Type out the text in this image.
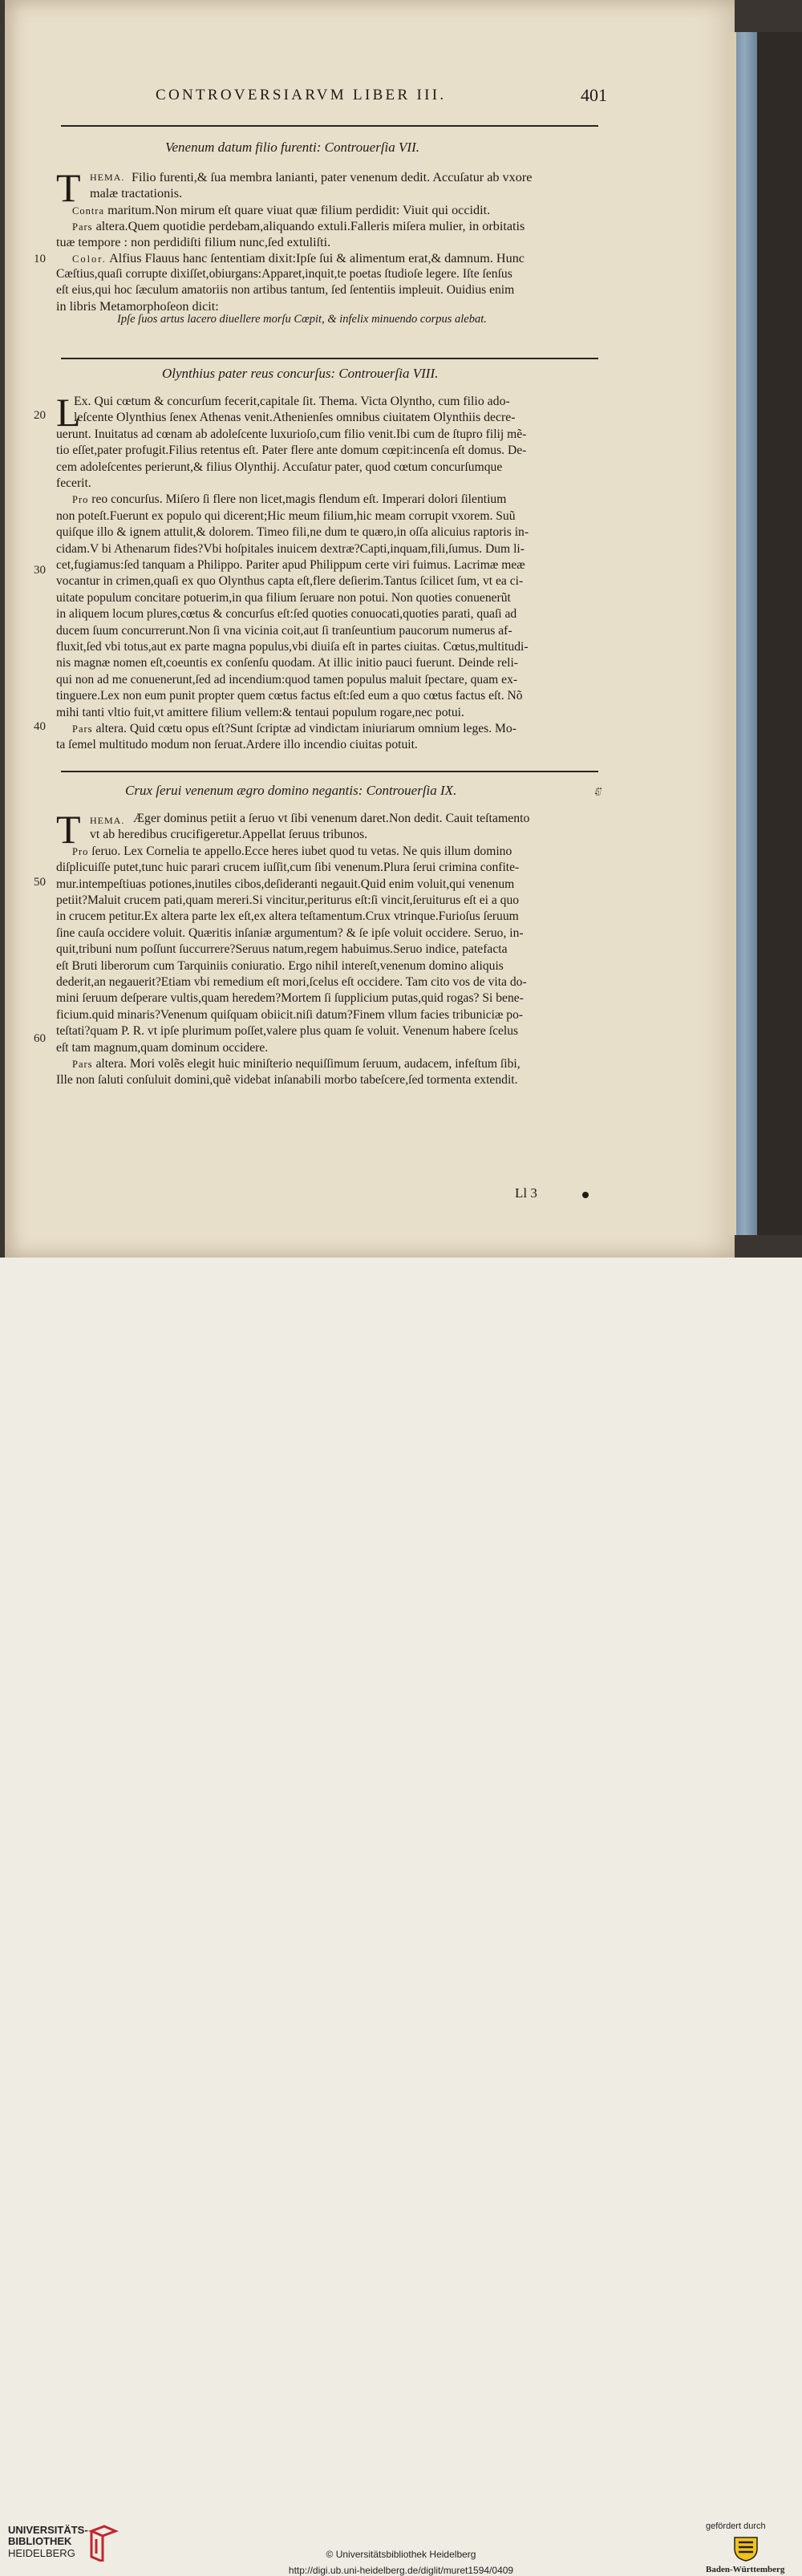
CONTROVERSIARVM LIBER III.	401
Venenum datum filio furenti: Controuerſia VII.
T HEMA. Filio furenti,& ſua membra lanianti, pater venenum dedit. Accuſatur ab vxore
malæ tractationis.
Contra maritum.Non mirum eſt quare viuat quæ filium perdidit: Viuit qui occidit.
Pars altera.Quem quotidie perdebam,aliquando extuli.Falleris miſera mulier, in orbitatis
tuæ tempore : non perdidiſti filium nunc,ſed extuliſti.
Color. Alfius Flauus hanc ſententiam dixit:Ipſe ſui & alimentum erat,& damnum. Hunc
Cæſtius,quaſi corrupte dixiſſet,obiurgans:Apparet,inquit,te poetas ſtudioſe legere. Iſte ſenſus
eſt eius,qui hoc ſæculum amatoriis non artibus tantum, ſed ſententiis impleuit. Ouidius enim
in libris Metamorphoſeon dicit:
Ipſe ſuos artus lacero diuellere morſu Cœpit, & infelix minuendo corpus alebat.
Olynthius pater reus concurſus: Controuerſia VIII.
L
Ex. Qui cœtum & concurſum fecerit,capitale ſit. Thema. Victa Olyntho, cum filio ado-
leſcente Olynthius ſenex Athenas venit.Athenienſes omnibus ciuitatem Olynthiis decre-
uerunt. Inuitatus ad cœnam ab adoleſcente luxurioſo,cum filio venit.Ibi cum de ſtupro filij mẽ-
tio eſſet,pater profugit.Filius retentus eſt. Pater flere ante domum cœpit:incenſa eſt domus. De-
cem adoleſcentes perierunt,& filius Olynthij. Accuſatur pater, quod cœtum concurſumque
fecerit.
Pro reo concurſus. Miſero ſi flere non licet,magis flendum eſt. Imperari dolori ſilentium
non poteſt.Fuerunt ex populo qui dicerent;Hic meum filium,hic meam corrupit vxorem. Suũ
quiſque illo & ignem attulit,& dolorem. Timeo fili,ne dum te quæro,in oſſa alicuius raptoris in-
cidam.V bi Athenarum fides?Vbi hoſpitales inuicem dextræ?Capti,inquam,fili,ſumus. Dum li-
cet,fugiamus:ſed tanquam a Philippo. Pariter apud Philippum certe viri fuimus. Lacrimæ meæ
vocantur in crimen,quaſi ex quo Olynthus capta eſt,flere deſierim.Tantus ſcilicet ſum, vt ea ci-
uitate populum concitare potuerim,in qua filium ſeruare non potui. Non quoties conuenerũt
in aliquem locum plures,cœtus & concurſus eſt:ſed quoties conuocati,quoties parati, quaſi ad
ducem ſuum concurrerunt.Non ſi vna vicinia coit,aut ſi tranſeuntium paucorum numerus af-
fluxit,ſed vbi totus,aut ex parte magna populus,vbi diuiſa eſt in partes ciuitas. Cœtus,multitudi-
nis magnæ nomen eſt,coeuntis ex conſenſu quodam. At illic initio pauci fuerunt. Deinde reli-
qui non ad me conuenerunt,ſed ad incendium:quod tamen populus maluit ſpectare, quam ex-
tinguere.Lex non eum punit propter quem cœtus factus eſt:ſed eum a quo cœtus factus eſt. Nõ
mihi tanti vltio fuit,vt amittere filium vellem:& tentaui populum rogare,nec potui.
Pars altera. Quid cœtu opus eſt?Sunt ſcriptæ ad vindictam iniuriarum omnium leges. Mo-
ta ſemel multitudo modum non ſeruat.Ardere illo incendio ciuitas potuit.
Crux ſerui venenum ægro domino negantis: Controuerſia IX.	457
T HEMA. Æger dominus petiit a ſeruo vt ſibi venenum daret.Non dedit. Cauit teſtamento
vt ab heredibus crucifigeretur.Appellat ſeruus tribunos.
Pro ſeruo. Lex Cornelia te appello.Ecce heres iubet quod tu vetas. Ne quis illum domino
diſplicuiſſe putet,tunc huic parari crucem iuſſit,cum ſibi venenum.Plura ſerui crimina confite-
mur.intempeſtiuas potiones,inutiles cibos,deſideranti negauit.Quid enim voluit,qui venenum
petiit?Maluit crucem pati,quam mereri.Si vincitur,periturus eſt:ſi vincit,ſeruiturus eſt ei a quo
in crucem petitur.Ex altera parte lex eſt,ex altera teſtamentum.Crux vtrinque.Furioſus ſeruum
ſine cauſa occidere voluit. Quæritis inſaniæ argumentum? & ſe ipſe voluit occidere. Seruo, in-
quit,tribuni num poſſunt ſuccurrere?Seruus natum,regem habuimus.Seruo indice, patefacta
eſt Bruti liberorum cum Tarquiniis coniuratio. Ergo nihil intereſt,venenum domino aliquis
dederit,an negauerit?Etiam vbi remedium eſt mori,ſcelus eſt occidere. Tam cito vos de vita do-
mini ſeruum deſperare vultis,quam heredem?Mortem ſi ſupplicium putas,quid rogas? Si bene-
ficium.quid minaris?Venenum quiſquam obiicit.niſi datum?Finem vllum facies tribuniciæ po-
teſtati?quam P. R. vt ipſe plurimum poſſet,valere plus quam ſe voluit. Venenum habere ſcelus
eſt tam magnum,quam dominum occidere.
Pars altera. Mori volẽs elegit huic miniſterio nequiſſimum ſeruum, audacem, infeſtum ſibi,
Ille non ſaluti conſuluit domini,quẽ videbat inſanabili morbo tabeſcere,ſed tormenta extendit.
10
20
30
40
50
60
Ll 3
UNIVERSITÄTS-
BIBLIOTHEK
HEIDELBERG	© Universitätsbibliothek Heidelberg
http://digi.ub.uni-heidelberg.de/diglit/muret1594/0409
gefördert durch
Baden-Württemberg
